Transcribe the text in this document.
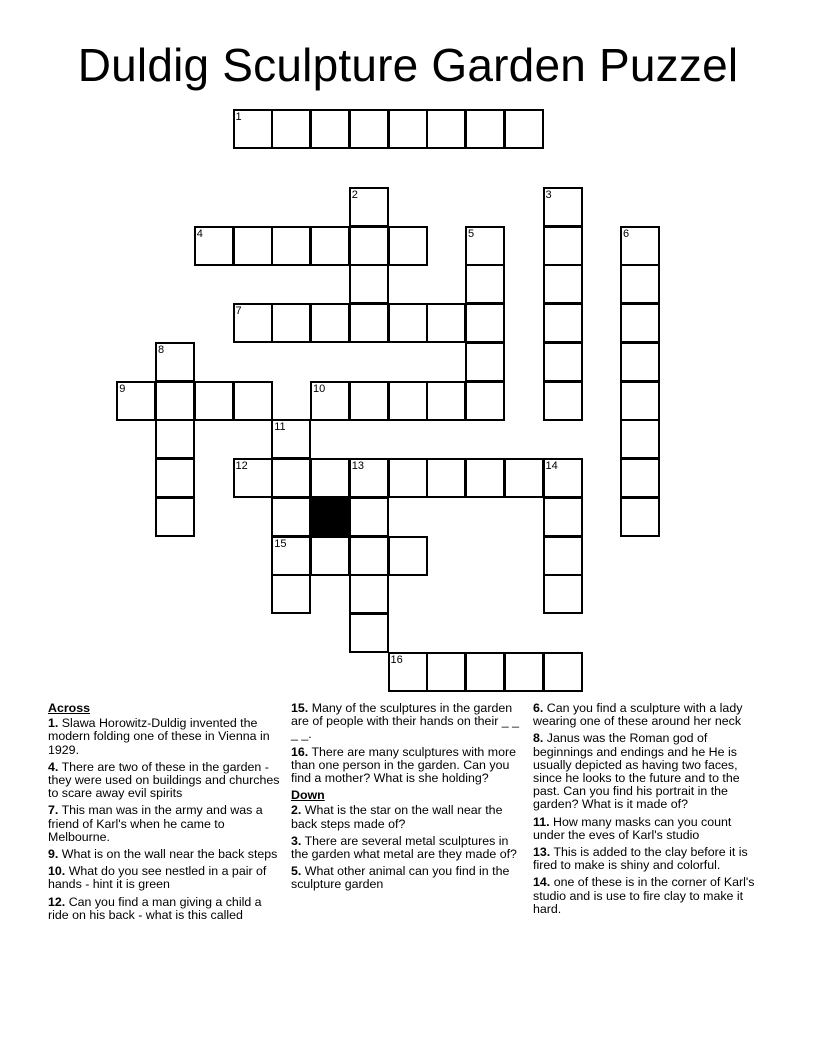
Duldig Sculpture Garden Puzzel
1
2	3
4	5	6
7
8
9	10
11
12	13	14
15
16
Across
1. Slawa Horowitz-Duldig invented the modern folding one of these in Vienna in 1929.
4. There are two of these in the garden - they were used on buildings and churches to scare away evil spirits
7. This man was in the army and was a friend of Karl's when he came to Melbourne.
9. What is on the wall near the back steps
10. What do you see nestled in a pair of hands - hint it is green
12. Can you find a man giving a child a ride on his back - what is this called
15. Many of the sculptures in the garden are of people with their hands on their _ _ _ _.
16. There are many sculptures with more than one person in the garden. Can you find a mother? What is she holding?
Down
2. What is the star on the wall near the back steps made of?
3. There are several metal sculptures in the garden what metal are they made of?
5. What other animal can you find in the sculpture garden
6. Can you find a sculpture with a lady wearing one of these around her neck
8. Janus was the Roman god of beginnings and endings and he He is usually depicted as having two faces, since he looks to the future and to the past. Can you find his portrait in the garden? What is it made of?
11. How many masks can you count under the eves of Karl's studio
13. This is added to the clay before it is fired to make is shiny and colorful.
14. one of these is in the corner of Karl's studio and is use to fire clay to make it hard.
